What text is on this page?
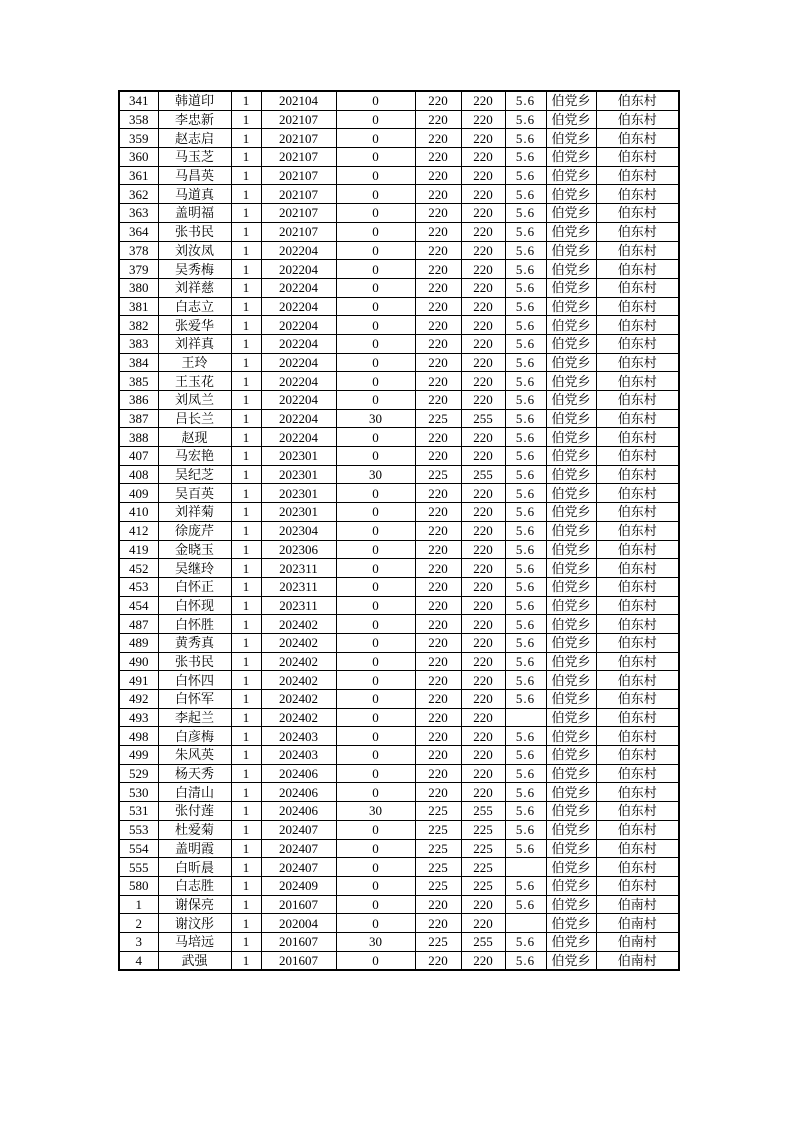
341	韩道印	1	202104	0	220	220	5.6	伯党乡	伯东村
358	李忠新	1	202107	0	220	220	5.6	伯党乡	伯东村
359	赵志启	1	202107	0	220	220	5.6	伯党乡	伯东村
360	马玉芝	1	202107	0	220	220	5.6	伯党乡	伯东村
361	马昌英	1	202107	0	220	220	5.6	伯党乡	伯东村
362	马道真	1	202107	0	220	220	5.6	伯党乡	伯东村
363	盖明福	1	202107	0	220	220	5.6	伯党乡	伯东村
364	张书民	1	202107	0	220	220	5.6	伯党乡	伯东村
378	刘汝凤	1	202204	0	220	220	5.6	伯党乡	伯东村
379	吴秀梅	1	202204	0	220	220	5.6	伯党乡	伯东村
380	刘祥慈	1	202204	0	220	220	5.6	伯党乡	伯东村
381	白志立	1	202204	0	220	220	5.6	伯党乡	伯东村
382	张爱华	1	202204	0	220	220	5.6	伯党乡	伯东村
383	刘祥真	1	202204	0	220	220	5.6	伯党乡	伯东村
384	王玲	1	202204	0	220	220	5.6	伯党乡	伯东村
385	王玉花	1	202204	0	220	220	5.6	伯党乡	伯东村
386	刘凤兰	1	202204	0	220	220	5.6	伯党乡	伯东村
387	吕长兰	1	202204	30	225	255	5.6	伯党乡	伯东村
388	赵现	1	202204	0	220	220	5.6	伯党乡	伯东村
407	马宏艳	1	202301	0	220	220	5.6	伯党乡	伯东村
408	吴纪芝	1	202301	30	225	255	5.6	伯党乡	伯东村
409	吴百英	1	202301	0	220	220	5.6	伯党乡	伯东村
410	刘祥菊	1	202301	0	220	220	5.6	伯党乡	伯东村
412	徐庞芹	1	202304	0	220	220	5.6	伯党乡	伯东村
419	金晓玉	1	202306	0	220	220	5.6	伯党乡	伯东村
452	吴继玲	1	202311	0	220	220	5.6	伯党乡	伯东村
453	白怀正	1	202311	0	220	220	5.6	伯党乡	伯东村
454	白怀现	1	202311	0	220	220	5.6	伯党乡	伯东村
487	白怀胜	1	202402	0	220	220	5.6	伯党乡	伯东村
489	黄秀真	1	202402	0	220	220	5.6	伯党乡	伯东村
490	张书民	1	202402	0	220	220	5.6	伯党乡	伯东村
491	白怀四	1	202402	0	220	220	5.6	伯党乡	伯东村
492	白怀军	1	202402	0	220	220	5.6	伯党乡	伯东村
493	李起兰	1	202402	0	220	220		伯党乡	伯东村
498	白彦梅	1	202403	0	220	220	5.6	伯党乡	伯东村
499	朱风英	1	202403	0	220	220	5.6	伯党乡	伯东村
529	杨天秀	1	202406	0	220	220	5.6	伯党乡	伯东村
530	白清山	1	202406	0	220	220	5.6	伯党乡	伯东村
531	张付莲	1	202406	30	225	255	5.6	伯党乡	伯东村
553	杜爱菊	1	202407	0	225	225	5.6	伯党乡	伯东村
554	盖明霞	1	202407	0	225	225	5.6	伯党乡	伯东村
555	白昕晨	1	202407	0	225	225		伯党乡	伯东村
580	白志胜	1	202409	0	225	225	5.6	伯党乡	伯东村
1	谢保亮	1	201607	0	220	220	5.6	伯党乡	伯南村
2	谢汶彤	1	202004	0	220	220		伯党乡	伯南村
3	马培远	1	201607	30	225	255	5.6	伯党乡	伯南村
4	武强	1	201607	0	220	220	5.6	伯党乡	伯南村
